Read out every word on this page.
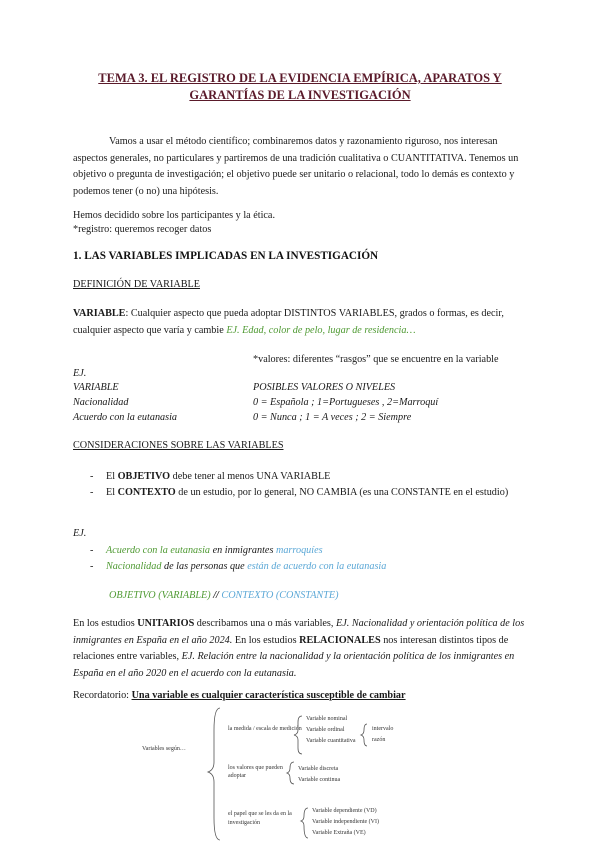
TEMA 3. EL REGISTRO DE LA EVIDENCIA EMPÍRICA, APARATOS Y
GARANTÍAS DE LA INVESTIGACIÓN
Vamos a usar el método científico; combinaremos datos y razonamiento riguroso, nos interesan aspectos generales, no particulares y partiremos de una tradición cualitativa o CUANTITATIVA. Tenemos un objetivo o pregunta de investigación; el objetivo puede ser unitario o relacional, todo lo demás es contexto y podemos tener (o no) una hipótesis.
Hemos decidido sobre los participantes y la ética.
*registro: queremos recoger datos
1. LAS VARIABLES IMPLICADAS EN LA INVESTIGACIÓN
DEFINICIÓN DE VARIABLE
VARIABLE: Cualquier aspecto que pueda adoptar DISTINTOS VARIABLES, grados o formas, es decir, cualquier aspecto que varía y cambie EJ. Edad, color de pelo, lugar de residencia…
*valores: diferentes “rasgos” que se encuentre en la variable
EJ.
VARIABLE	POSIBLES VALORES O NIVELES
Nacionalidad	0 = Española ; 1=Portugueses , 2=Marroquí
Acuerdo con la eutanasia	0 = Nunca ; 1 = A veces ; 2 = Siempre
CONSIDERACIONES SOBRE LAS VARIABLES
- El OBJETIVO debe tener al menos UNA VARIABLE
- El CONTEXTO de un estudio, por lo general, NO CAMBIA (es una CONSTANTE en el estudio)
EJ.
- Acuerdo con la eutanasia en inmigrantes marroquíes
- Nacionalidad de las personas que están de acuerdo con la eutanasia
OBJETIVO (VARIABLE) // CONTEXTO (CONSTANTE)
En los estudios UNITARIOS describamos una o más variables, EJ. Nacionalidad y orientación política de los inmigrantes en España en el año 2024. En los estudios RELACIONALES nos interesan distintos tipos de relaciones entre variables, EJ. Relación entre la nacionalidad y la orientación política de los inmigrantes en España en el año 2020 en el acuerdo con la eutanasia.
Recordatorio: Una variable es cualquier característica susceptible de cambiar
Variables según…
la medida / escala de medición
Variable nominal
Variable ordinal
Variable cuantitativa
intervalo
razón
los valores que pueden adoptar
Variable discreta
Variable continua
el papel que se les da en la investigación
Variable dependiente (VD)
Variable independiente (VI)
Variable Extraña (VE)
